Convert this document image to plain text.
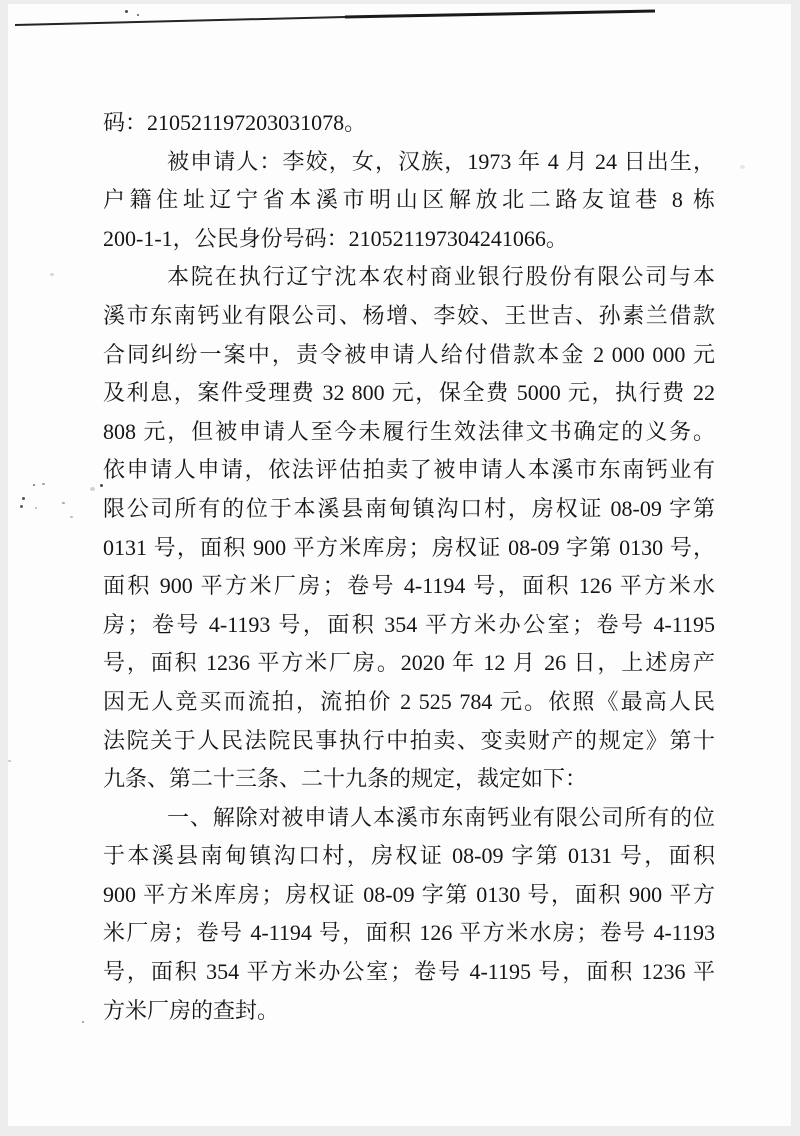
码：210521197203031078。
被申请人：李姣，女，汉族，1973 年 4 月 24 日出生，
户籍住址辽宁省本溪市明山区解放北二路友谊巷 8 栋
200-1-1，公民身份号码：210521197304241066。
本院在执行辽宁沈本农村商业银行股份有限公司与本
溪市东南钙业有限公司、杨增、李姣、王世吉、孙素兰借款
合同纠纷一案中，责令被申请人给付借款本金 2 000 000 元
及利息，案件受理费 32 800 元，保全费 5000 元，执行费 22
808 元，但被申请人至今未履行生效法律文书确定的义务。
依申请人申请，依法评估拍卖了被申请人本溪市东南钙业有
限公司所有的位于本溪县南甸镇沟口村，房权证 08-09 字第
0131 号，面积 900 平方米库房；房权证 08-09 字第 0130 号，
面积 900 平方米厂房；卷号 4-1194 号，面积 126 平方米水
房；卷号 4-1193 号，面积 354 平方米办公室；卷号 4-1195
号，面积 1236 平方米厂房。2020 年 12 月 26 日，上述房产
因无人竞买而流拍，流拍价 2 525 784 元。依照《最高人民
法院关于人民法院民事执行中拍卖、变卖财产的规定》第十
九条、第二十三条、二十九条的规定，裁定如下：
一、解除对被申请人本溪市东南钙业有限公司所有的位
于本溪县南甸镇沟口村，房权证 08-09 字第 0131 号，面积
900 平方米库房；房权证 08-09 字第 0130 号，面积 900 平方
米厂房；卷号 4-1194 号，面积 126 平方米水房；卷号 4-1193
号，面积 354 平方米办公室；卷号 4-1195 号，面积 1236 平
方米厂房的查封。
